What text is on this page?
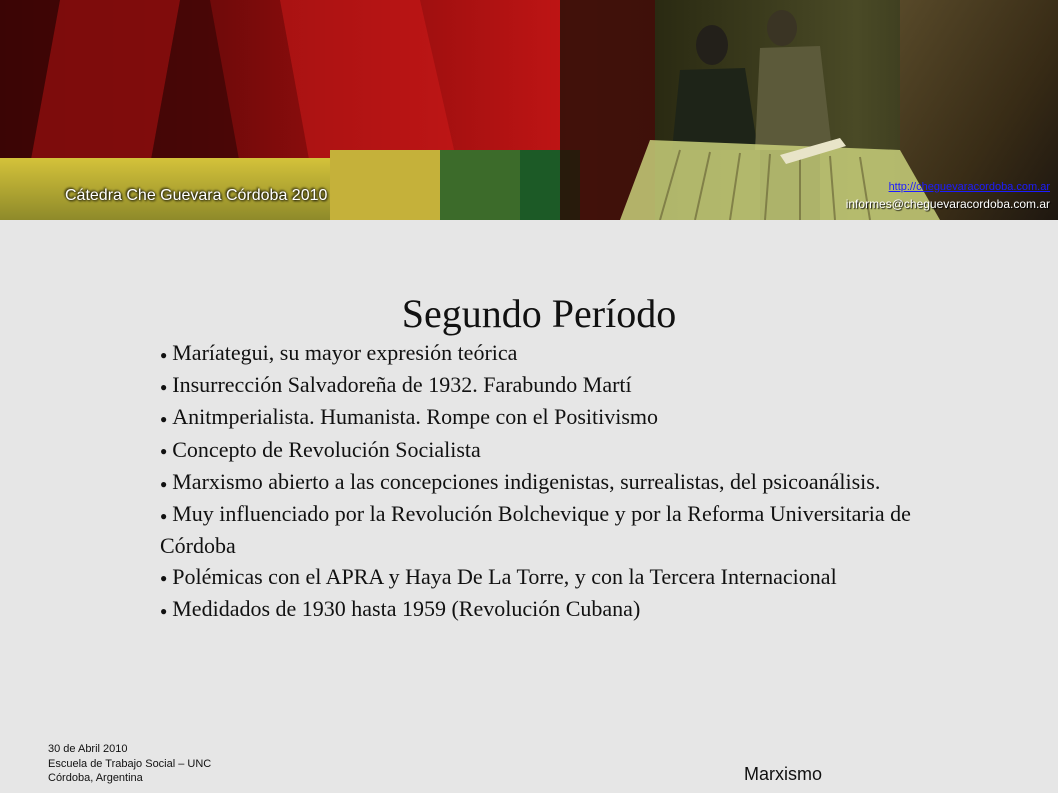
Cátedra Che Guevara Córdoba 2010	http://cheguevaracordoba.com.ar
informes@cheguevaracordoba.com.ar
Segundo Período
● Maríategui, su mayor expresión teórica
● Insurrección Salvadoreña de 1932. Farabundo Martí
● Anitmperialista. Humanista. Rompe con el Positivismo
● Concepto de Revolución Socialista
● Marxismo abierto a las concepciones indigenistas, surrealistas, del psicoanálisis.
● Muy influenciado por la Revolución Bolchevique y por la Reforma Universitaria de Córdoba
● Polémicas con el APRA y Haya De La Torre, y con la Tercera Internacional
● Medidados de 1930 hasta 1959 (Revolución Cubana)
30 de Abril 2010
Escuela de Trabajo Social – UNC
Córdoba, Argentina	Marxismo
